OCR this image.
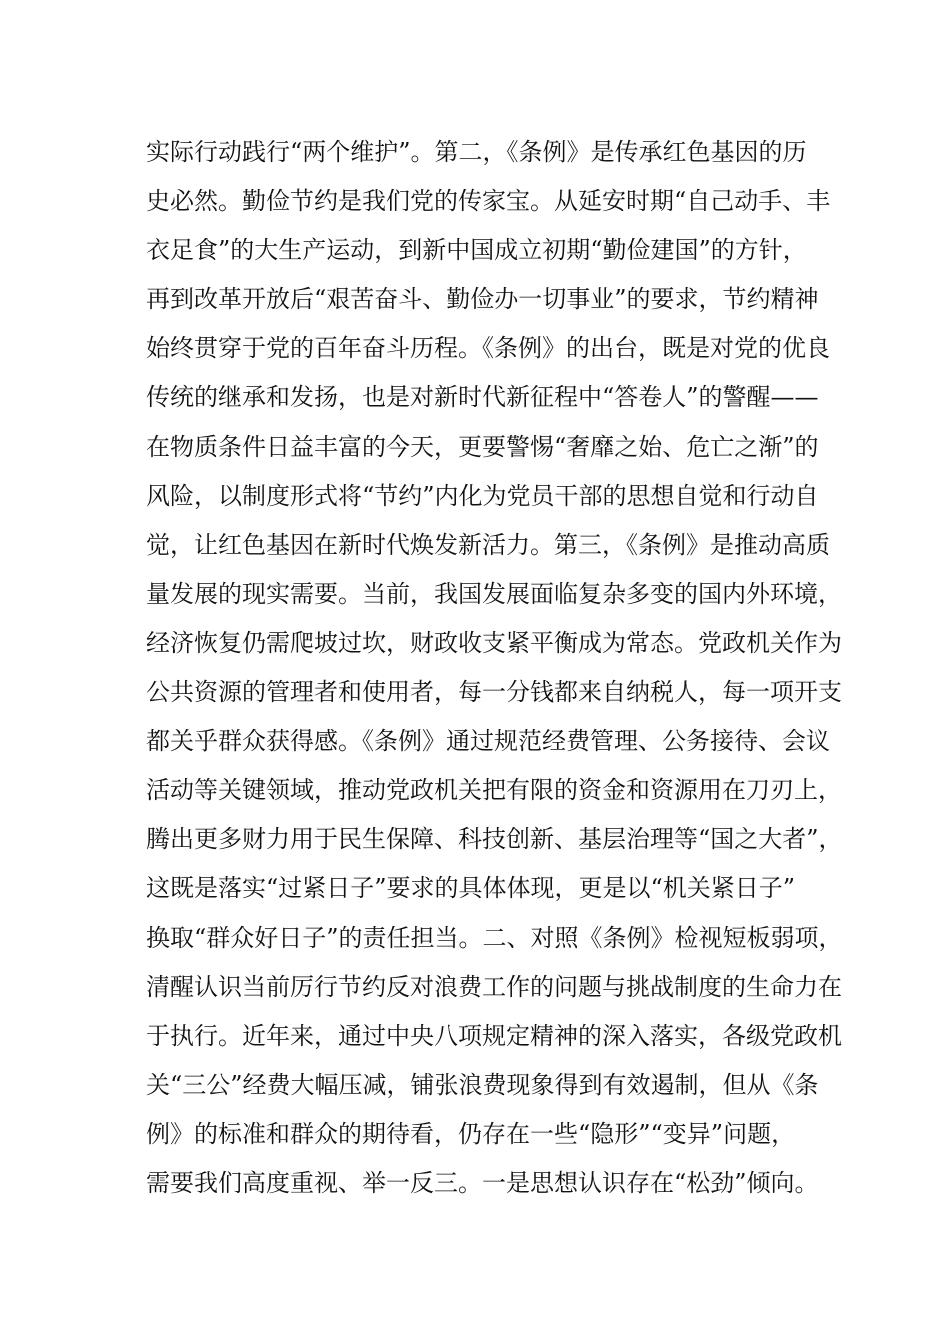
实际行动践行“两个维护”。第二，《条例》是传承红色基因的历
史必然。勤俭节约是我们党的传家宝。从延安时期“自己动手、丰
衣足食”的大生产运动，到新中国成立初期“勤俭建国”的方针，
再到改革开放后“艰苦奋斗、勤俭办一切事业”的要求，节约精神
始终贯穿于党的百年奋斗历程。《条例》的出台，既是对党的优良
传统的继承和发扬，也是对新时代新征程中“答卷人”的警醒——
在物质条件日益丰富的今天，更要警惕“奢靡之始、危亡之渐”的
风险，以制度形式将“节约”内化为党员干部的思想自觉和行动自
觉，让红色基因在新时代焕发新活力。第三，《条例》是推动高质
量发展的现实需要。当前，我国发展面临复杂多变的国内外环境，
经济恢复仍需爬坡过坎，财政收支紧平衡成为常态。党政机关作为
公共资源的管理者和使用者，每一分钱都来自纳税人，每一项开支
都关乎群众获得感。《条例》通过规范经费管理、公务接待、会议
活动等关键领域，推动党政机关把有限的资金和资源用在刀刃上，
腾出更多财力用于民生保障、科技创新、基层治理等“国之大者”，
这既是落实“过紧日子”要求的具体体现，更是以“机关紧日子”
换取“群众好日子”的责任担当。二、对照《条例》检视短板弱项，
清醒认识当前厉行节约反对浪费工作的问题与挑战制度的生命力在
于执行。近年来，通过中央八项规定精神的深入落实，各级党政机
关“三公”经费大幅压减，铺张浪费现象得到有效遏制，但从《条
例》的标准和群众的期待看，仍存在一些“隐形”“变异”问题，
需要我们高度重视、举一反三。一是思想认识存在“松劲”倾向。
